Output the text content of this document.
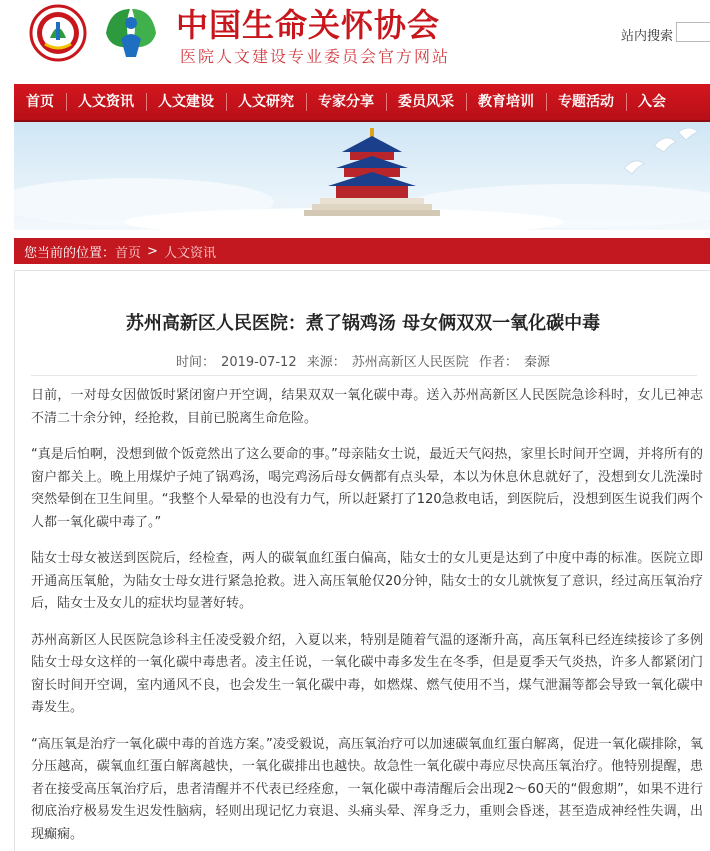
中国生命关怀协会
医院人文建设专业委员会官方网站
站内搜索
首页	人文资讯	人文建设	人文研究	专家分享	委员风采	教育培训	专题活动	入会
您当前的位置： 首页 > 人文资讯
苏州高新区人民医院：煮了锅鸡汤 母女俩双双一氧化碳中毒
时间： 2019-07-12 来源： 苏州高新区人民医院 作者： 秦源

日前，一对母女因做饭时紧闭窗户开空调，结果双双一氧化碳中毒。送入苏州高新区人民医院急诊科时，女儿已神志不清二十余分钟，经抢救，目前已脱离生命危险。

“真是后怕啊，没想到做个饭竟然出了这么要命的事。”母亲陆女士说，最近天气闷热，家里长时间开空调，并将所有的窗户都关上。晚上用煤炉子炖了锅鸡汤，喝完鸡汤后母女俩都有点头晕，本以为休息休息就好了，没想到女儿洗澡时突然晕倒在卫生间里。“我整个人晕晕的也没有力气，所以赶紧打了120急救电话，到医院后，没想到医生说我们两个人都一氧化碳中毒了。”

陆女士母女被送到医院后，经检查，两人的碳氧血红蛋白偏高，陆女士的女儿更是达到了中度中毒的标准。医院立即开通高压氧舱，为陆女士母女进行紧急抢救。进入高压氧舱仅20分钟，陆女士的女儿就恢复了意识，经过高压氧治疗后，陆女士及女儿的症状均显著好转。

苏州高新区人民医院急诊科主任凌受毅介绍，入夏以来，特别是随着气温的逐渐升高，高压氧科已经连续接诊了多例陆女士母女这样的一氧化碳中毒患者。凌主任说，一氧化碳中毒多发生在冬季，但是夏季天气炎热，许多人都紧闭门窗长时间开空调，室内通风不良，也会发生一氧化碳中毒，如燃煤、燃气使用不当，煤气泄漏等都会导致一氧化碳中毒发生。

“高压氧是治疗一氧化碳中毒的首选方案。”凌受毅说，高压氧治疗可以加速碳氧血红蛋白解离，促进一氧化碳排除，氧分压越高，碳氧血红蛋白解离越快，一氧化碳排出也越快。故急性一氧化碳中毒应尽快高压氧治疗。他特别提醒，患者在接受高压氧治疗后，患者清醒并不代表已经痊愈，一氧化碳中毒清醒后会出现2～60天的“假愈期”，如果不进行彻底治疗极易发生迟发性脑病，轻则出现记忆力衰退、头痛头晕、浑身乏力，重则会昏迷，甚至造成神经性失调，出现癫痫。
